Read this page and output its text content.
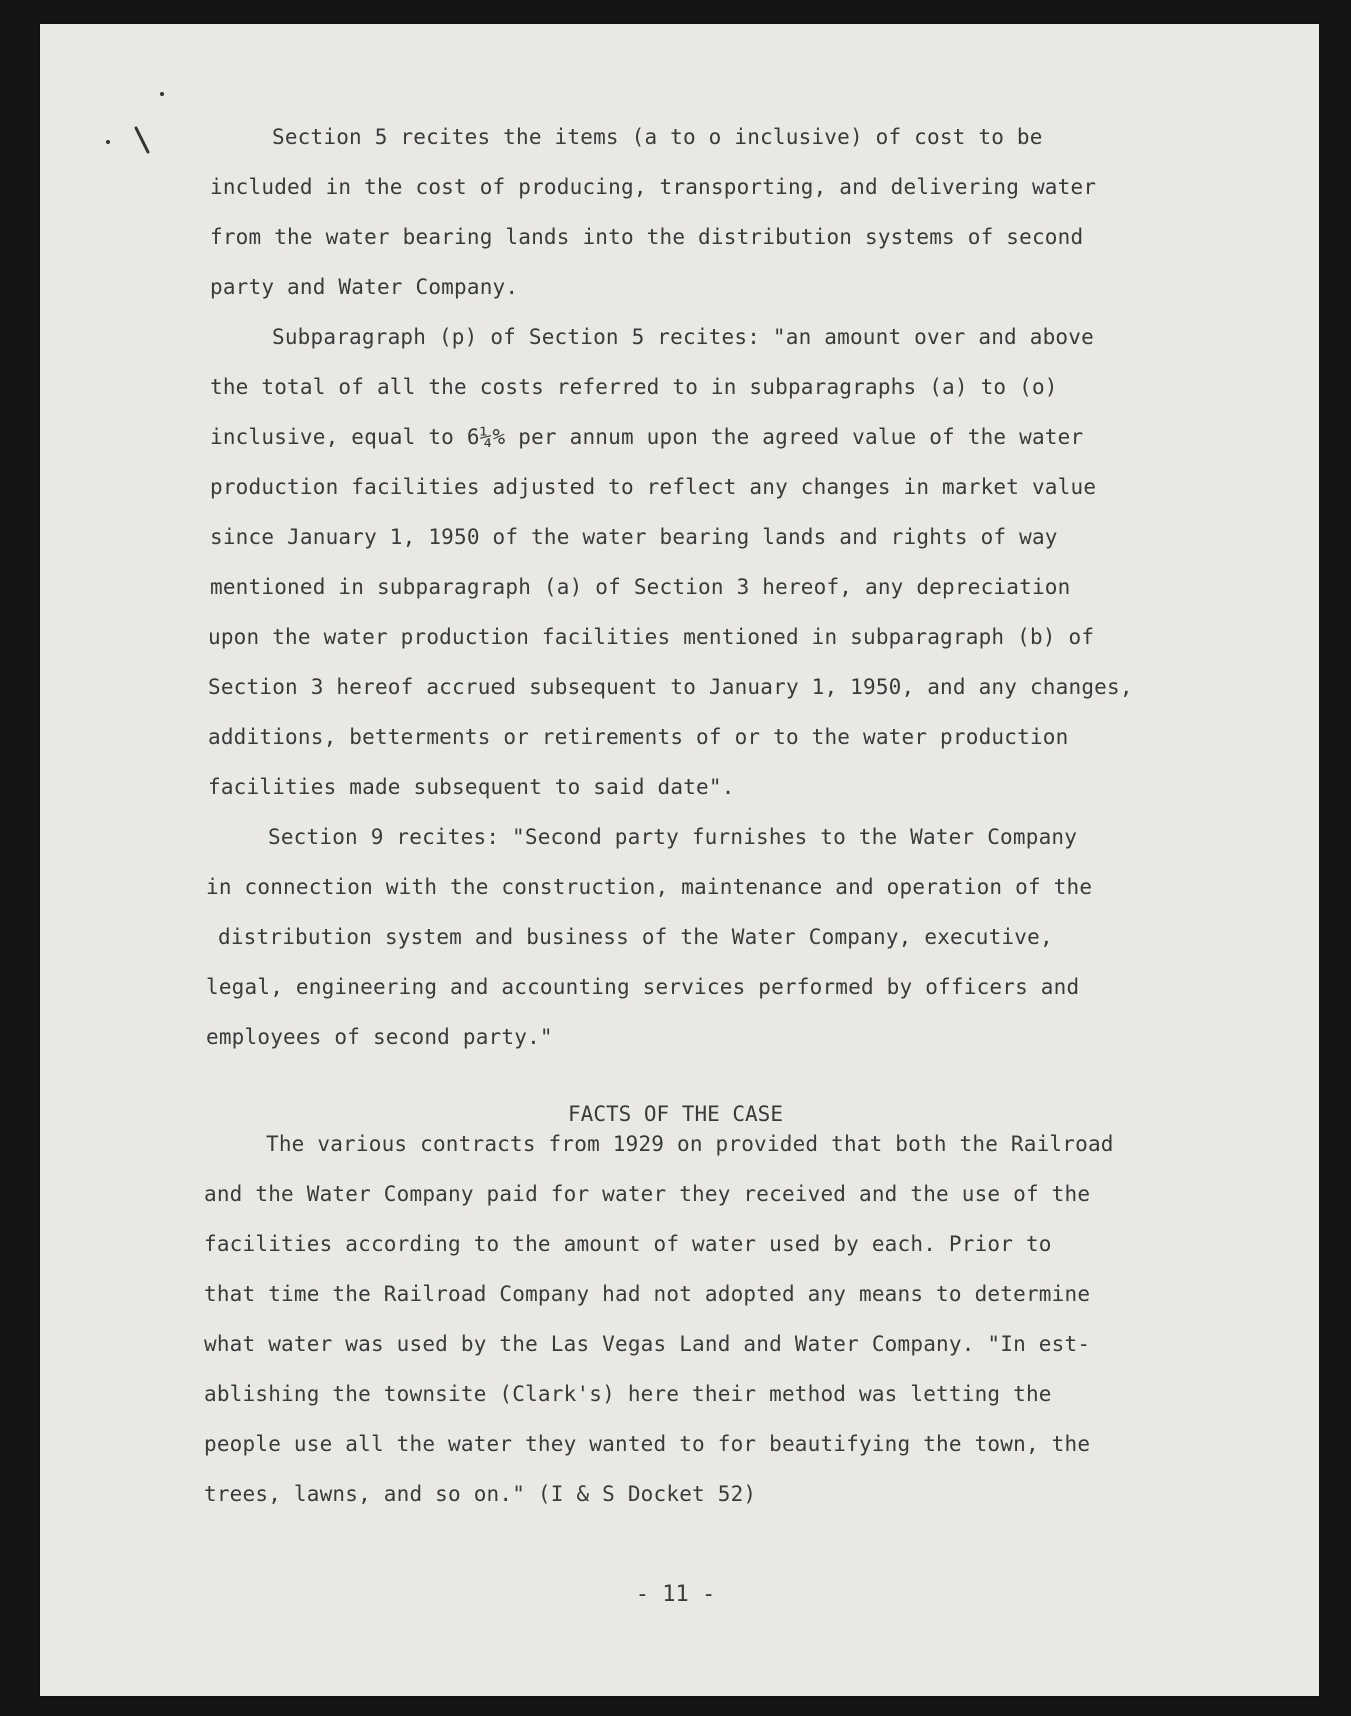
Section 5 recites the items (a to o inclusive) of cost to be
included in the cost of producing, transporting, and delivering water
from the water bearing lands into the distribution systems of second
party and Water Company.
Subparagraph (p) of Section 5 recites: "an amount over and above
the total of all the costs referred to in subparagraphs (a) to (o)
inclusive, equal to 6¼% per annum upon the agreed value of the water
production facilities adjusted to reflect any changes in market value
since January 1, 1950 of the water bearing lands and rights of way
mentioned in subparagraph (a) of Section 3 hereof, any depreciation
upon the water production facilities mentioned in subparagraph (b) of
Section 3 hereof accrued subsequent to January 1, 1950, and any changes,
additions, betterments or retirements of or to the water production
facilities made subsequent to said date".
Section 9 recites: "Second party furnishes to the Water Company
in connection with the construction, maintenance and operation of the
distribution system and business of the Water Company, executive,
legal, engineering and accounting services performed by officers and
employees of second party."
The various contracts from 1929 on provided that both the Railroad
and the Water Company paid for water they received and the use of the
facilities according to the amount of water used by each. Prior to
that time the Railroad Company had not adopted any means to determine
what water was used by the Las Vegas Land and Water Company. "In est-
ablishing the townsite (Clark's) here their method was letting the
people use all the water they wanted to for beautifying the town, the
trees, lawns, and so on." (I & S Docket 52)
FACTS OF THE CASE
- 11 -
